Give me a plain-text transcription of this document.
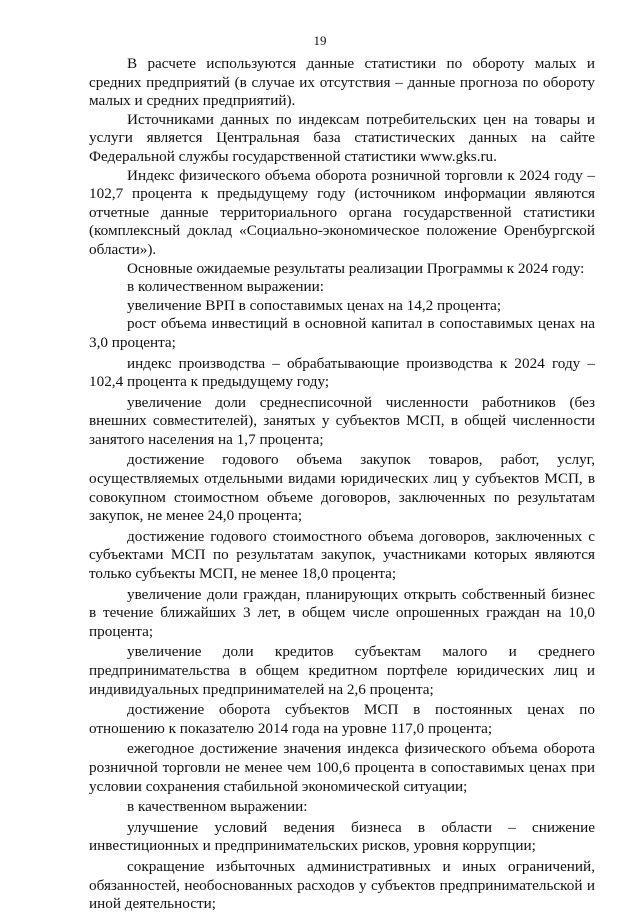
19

В расчете используются данные статистики по обороту малых и средних предприятий (в случае их отсутствия – данные прогноза по обороту малых и средних предприятий).

Источниками данных по индексам потребительских цен на товары и услуги является Центральная база статистических данных на сайте Федеральной службы государственной статистики www.gks.ru.

Индекс физического объема оборота розничной торговли к 2024 году – 102,7 процента к предыдущему году (источником информации являются отчетные данные территориального органа государственной статистики (комплексный доклад «Социально-экономическое положение Оренбургской области»).

Основные ожидаемые результаты реализации Программы к 2024 году:

в количественном выражении:

увеличение ВРП в сопоставимых ценах на 14,2 процента;

рост объема инвестиций в основной капитал в сопоставимых ценах на 3,0 процента;

индекс производства – обрабатывающие производства к 2024 году – 102,4 процента к предыдущему году;

увеличение доли среднесписочной численности работников (без внешних совместителей), занятых у субъектов МСП, в общей численности занятого населения на 1,7 процента;

достижение годового объема закупок товаров, работ, услуг, осуществляемых отдельными видами юридических лиц у субъектов МСП, в совокупном стоимостном объеме договоров, заключенных по результатам закупок, не менее 24,0 процента;

достижение годового стоимостного объема договоров, заключенных с субъектами МСП по результатам закупок, участниками которых являются только субъекты МСП, не менее 18,0 процента;

увеличение доли граждан, планирующих открыть собственный бизнес в течение ближайших 3 лет, в общем числе опрошенных граждан на 10,0 процента;

увеличение доли кредитов субъектам малого и среднего предпринимательства в общем кредитном портфеле юридических лиц и индивидуальных предпринимателей на 2,6 процента;

достижение оборота субъектов МСП в постоянных ценах по отношению к показателю 2014 года на уровне 117,0 процента;

ежегодное достижение значения индекса физического объема оборота розничной торговли не менее чем 100,6 процента в сопоставимых ценах при условии сохранения стабильной экономической ситуации;

в качественном выражении:

улучшение условий ведения бизнеса в области – снижение инвестиционных и предпринимательских рисков, уровня коррупции;

сокращение избыточных административных и иных ограничений, обязанностей, необоснованных расходов у субъектов предпринимательской и иной деятельности;
